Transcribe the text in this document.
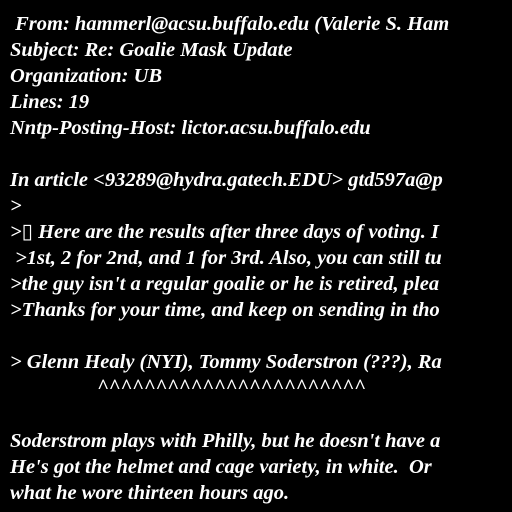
From: hammerl@acsu.buffalo.edu (Valerie S. Ham
Subject: Re: Goalie Mask Update
Organization: UB
Lines: 19
Nntp-Posting-Host: lictor.acsu.buffalo.edu
In article <93289@hydra.gatech.EDU> gtd597a@p
>
>▯ Here are the results after three days of voting. I
>1st, 2 for 2nd, and 1 for 3rd. Also, you can still tu
>the guy isn't a regular goalie or he is retired, plea
>Thanks for your time, and keep on sending in tho
> Glenn Healy (NYI), Tommy Soderstron (???), Ra
^^^^^^^^^^^^^^^^^^^^^^^
Soderstrom plays with Philly, but he doesn't have a
He's got the helmet and cage variety, in white.  Or
what he wore thirteen hours ago.
